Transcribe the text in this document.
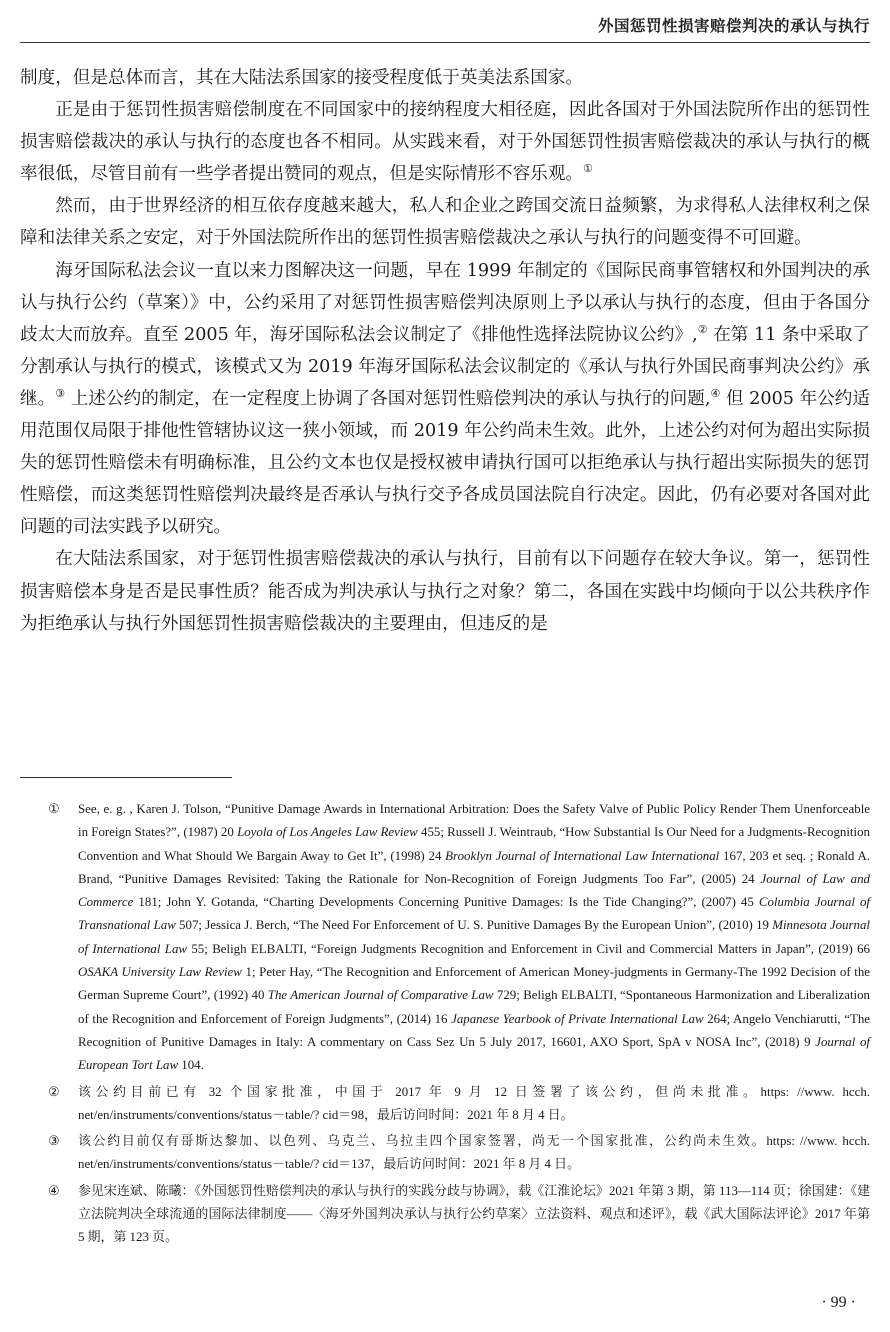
外国惩罚性损害赔偿判决的承认与执行

制度，但是总体而言，其在大陆法系国家的接受程度低于英美法系国家。

正是由于惩罚性损害赔偿制度在不同国家中的接纳程度大相径庭，因此各国对于外国法院所作出的惩罚性损害赔偿裁决的承认与执行的态度也各不相同。从实践来看，对于外国惩罚性损害赔偿裁决的承认与执行的概率很低，尽管目前有一些学者提出赞同的观点，但是实际情形不容乐观。①

然而，由于世界经济的相互依存度越来越大，私人和企业之跨国交流日益频繁，为求得私人法律权利之保障和法律关系之安定，对于外国法院所作出的惩罚性损害赔偿裁决之承认与执行的问题变得不可回避。

海牙国际私法会议一直以来力图解决这一问题，早在 1999 年制定的《国际民商事管辖权和外国判决的承认与执行公约（草案）》中，公约采用了对惩罚性损害赔偿判决原则上予以承认与执行的态度，但由于各国分歧太大而放弃。直至 2005 年，海牙国际私法会议制定了《排他性选择法院协议公约》,② 在第 11 条中采取了分割承认与执行的模式，该模式又为 2019 年海牙国际私法会议制定的《承认与执行外国民商事判决公约》承继。③ 上述公约的制定，在一定程度上协调了各国对惩罚性赔偿判决的承认与执行的问题,④ 但 2005 年公约适用范围仅局限于排他性管辖协议这一狭小领域，而 2019 年公约尚未生效。此外，上述公约对何为超出实际损失的惩罚性赔偿未有明确标准，且公约文本也仅是授权被申请执行国可以拒绝承认与执行超出实际损失的惩罚性赔偿，而这类惩罚性赔偿判决最终是否承认与执行交予各成员国法院自行决定。因此，仍有必要对各国对此问题的司法实践予以研究。

在大陆法系国家，对于惩罚性损害赔偿裁决的承认与执行，目前有以下问题存在较大争议。第一，惩罚性损害赔偿本身是否是民事性质？能否成为判决承认与执行之对象？第二，各国在实践中均倾向于以公共秩序作为拒绝承认与执行外国惩罚性损害赔偿裁决的主要理由，但违反的是

① See, e. g. , Karen J. Tolson, “Punitive Damage Awards in International Arbitration: Does the Safety Valve of Public Policy Render Them Unenforceable in Foreign States?”, (1987) 20 Loyola of Los Angeles Law Review 455; Russell J. Weintraub, “How Substantial Is Our Need for a Judgments-Recognition Convention and What Should We Bargain Away to Get It”, (1998) 24 Brooklyn Journal of International Law International 167, 203 et seq. ; Ronald A. Brand, “Punitive Damages Revisited: Taking the Rationale for Non-Recognition of Foreign Judgments Too Far”, (2005) 24 Journal of Law and Commerce 181; John Y. Gotanda, “Charting Developments Concerning Punitive Damages: Is the Tide Changing?”, (2007) 45 Columbia Journal of Transnational Law 507; Jessica J. Berch, “The Need For Enforcement of U. S. Punitive Damages By the European Union”, (2010) 19 Minnesota Journal of International Law 55; Beligh ELBALTI, “Foreign Judgments Recognition and Enforcement in Civil and Commercial Matters in Japan”, (2019) 66 OSAKA University Law Review 1; Peter Hay, “The Recognition and Enforcement of American Money-judgments in Germany-The 1992 Decision of the German Supreme Court”, (1992) 40 The American Journal of Comparative Law 729; Beligh ELBALTI, “Spontaneous Harmonization and Liberalization of the Recognition and Enforcement of Foreign Judgments”, (2014) 16 Japanese Yearbook of Private International Law 264; Angelo Venchiarutti, “The Recognition of Punitive Damages in Italy: A commentary on Cass Sez Un 5 July 2017, 16601, AXO Sport, SpA v NOSA Inc”, (2018) 9 Journal of European Tort Law 104.
② 该公约目前已有 32 个国家批准，中国于 2017 年 9 月 12 日签署了该公约，但尚未批准。https: //www. hcch. net/en/instruments/conventions/status－table/? cid＝98，最后访问时间：2021 年 8 月 4 日。
③ 该公约目前仅有哥斯达黎加、以色列、乌克兰、乌拉圭四个国家签署，尚无一个国家批准，公约尚未生效。https: //www. hcch. net/en/instruments/conventions/status－table/? cid＝137，最后访问时间：2021 年 8 月 4 日。
④ 参见宋连斌、陈曦：《外国惩罚性赔偿判决的承认与执行的实践分歧与协调》，载《江淮论坛》2021 年第 3 期，第 113—114 页；徐国建：《建立法院判决全球流通的国际法律制度——〈海牙外国判决承认与执行公约草案〉立法资料、观点和述评》，载《武大国际法评论》2017 年第 5 期，第 123 页。
· 99 ·
